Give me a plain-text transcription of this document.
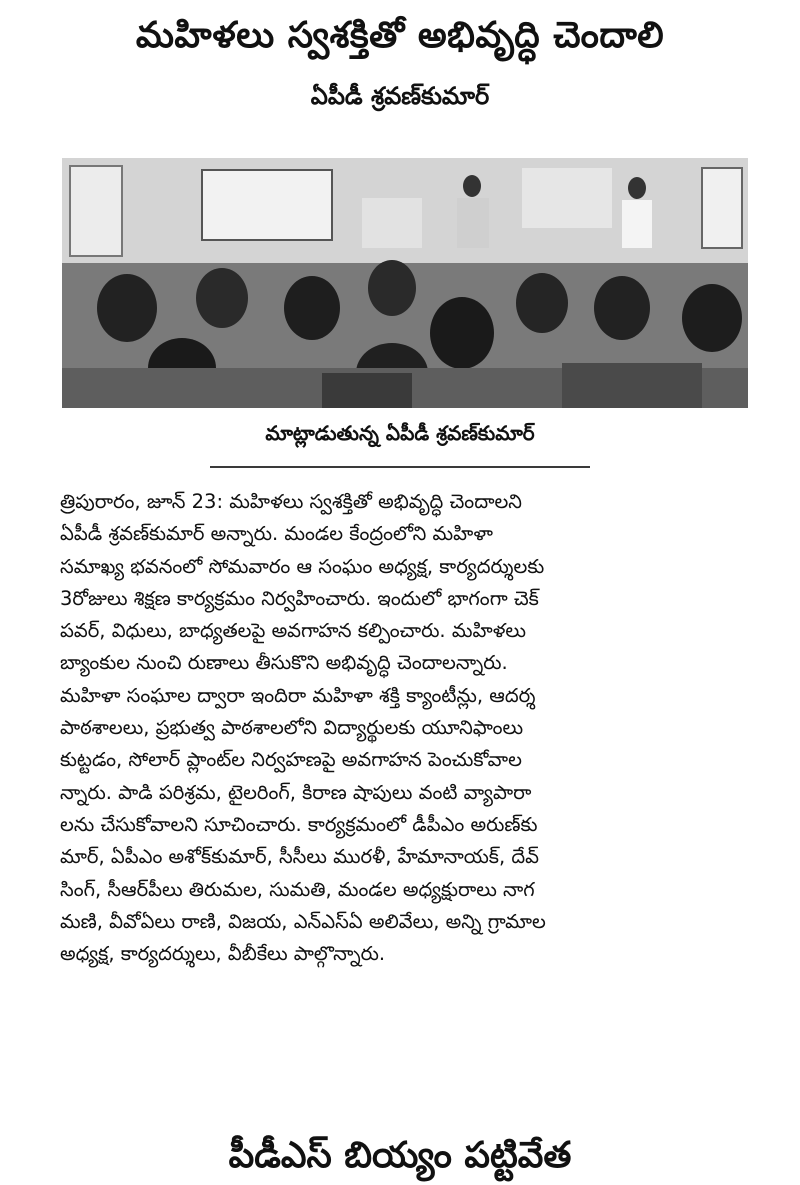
మహిళలు స్వశక్తితో అభివృద్ధి చెందాలి
ఏపీడీ శ్రవణ్‌కుమార్
మాట్లాడుతున్న ఏపీడీ శ్రవణ్‌కుమార్
త్రిపురారం, జూన్ 23: మహిళలు స్వశక్తితో అభివృద్ధి చెందాలని
ఏపీడీ శ్రవణ్‌కుమార్ అన్నారు. మండల కేంద్రంలోని మహిళా
సమాఖ్య భవనంలో సోమవారం ఆ సంఘం అధ్యక్ష, కార్యదర్శులకు
3రోజులు శిక్షణ కార్యక్రమం నిర్వహించారు. ఇందులో భాగంగా చెక్
పవర్, విధులు, బాధ్యతలపై అవగాహన కల్పించారు. మహిళలు
బ్యాంకుల నుంచి రుణాలు తీసుకొని అభివృద్ధి చెందాలన్నారు.
మహిళా సంఘాల ద్వారా ఇందిరా మహిళా శక్తి క్యాంటీన్లు, ఆదర్శ
పాఠశాలలు, ప్రభుత్వ పాఠశాలలోని విద్యార్థులకు యూనిఫాంలు
కుట్టడం, సోలార్ ప్లాంట్‌ల నిర్వహణపై అవగాహన పెంచుకోవాల
న్నారు. పాడి పరిశ్రమ, టైలరింగ్, కిరాణ షాపులు వంటి వ్యాపారా
లను చేసుకోవాలని సూచించారు. కార్యక్రమంలో డీపీఎం అరుణ్‌కు
మార్, ఏపీఎం అశోక్‌కుమార్, సీసీలు మురళీ, హేమానాయక్, దేవ్
సింగ్, సీఆర్‌పీలు తిరుమల, సుమతి, మండల అధ్యక్షురాలు నాగ
మణి, వీవోఏలు రాణి, విజయ, ఎన్ఎస్ఏ అలివేలు, అన్ని గ్రామాల
అధ్యక్ష, కార్యదర్శులు, వీబీకేలు పాల్గొన్నారు.
పీడీఎస్ బియ్యం పట్టివేత
